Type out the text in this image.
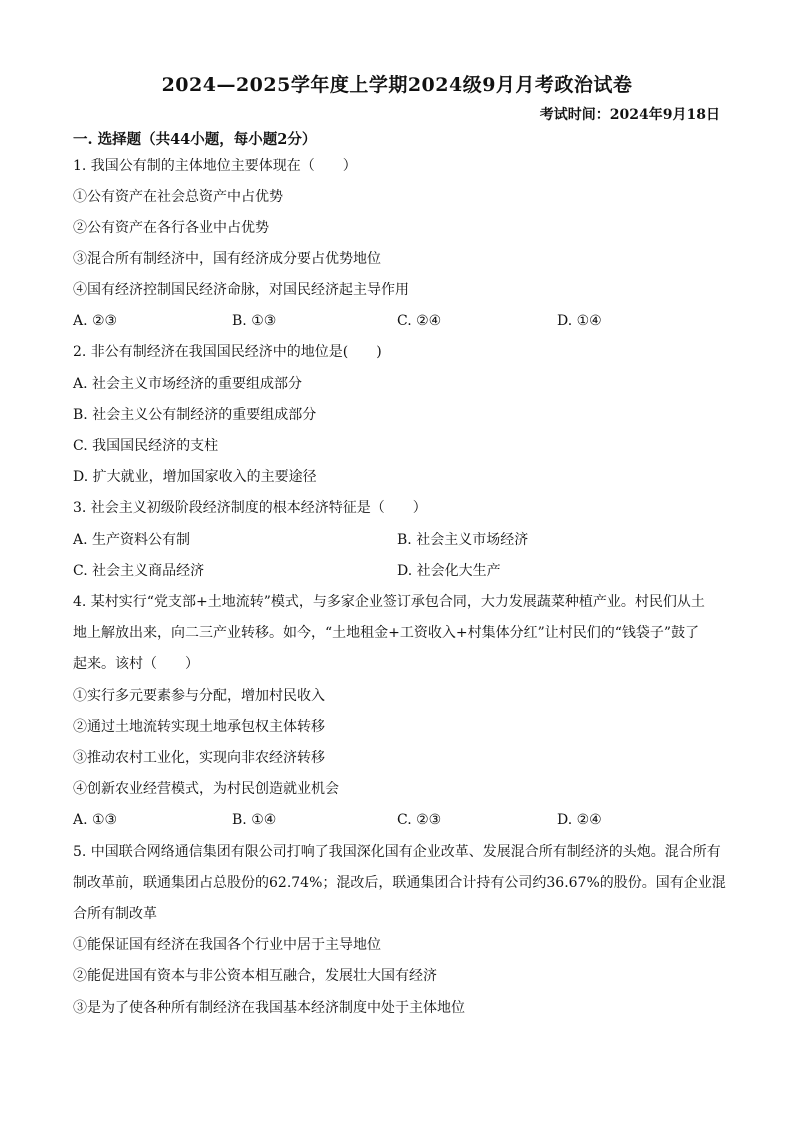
2024—2025学年度上学期2024级9月月考政治试卷
考试时间：2024年9月18日
一. 选择题（共44小题，每小题2分）
1. 我国公有制的主体地位主要体现在（　　）
①公有资产在社会总资产中占优势
②公有资产在各行各业中占优势
③混合所有制经济中，国有经济成分要占优势地位
④国有经济控制国民经济命脉，对国民经济起主导作用
A. ②③	B. ①③	C. ②④	D. ①④
2. 非公有制经济在我国国民经济中的地位是(　　)
A. 社会主义市场经济的重要组成部分
B. 社会主义公有制经济的重要组成部分
C. 我国国民经济的支柱
D. 扩大就业，增加国家收入的主要途径
3. 社会主义初级阶段经济制度的根本经济特征是（　　）
A. 生产资料公有制	B. 社会主义市场经济
C. 社会主义商品经济	D. 社会化大生产
4. 某村实行“党支部+土地流转”模式，与多家企业签订承包合同，大力发展蔬菜种植产业。村民们从土
地上解放出来，向二三产业转移。如今，“土地租金+工资收入+村集体分红”让村民们的“钱袋子”鼓了
起来。该村（　　）
①实行多元要素参与分配，增加村民收入
②通过土地流转实现土地承包权主体转移
③推动农村工业化，实现向非农经济转移
④创新农业经营模式，为村民创造就业机会
A. ①③	B. ①④	C. ②③	D. ②④
5. 中国联合网络通信集团有限公司打响了我国深化国有企业改革、发展混合所有制经济的头炮。混合所有
制改革前，联通集团占总股份的62.74%；混改后，联通集团合计持有公司约36.67%的股份。国有企业混
合所有制改革
①能保证国有经济在我国各个行业中居于主导地位
②能促进国有资本与非公资本相互融合，发展壮大国有经济
③是为了使各种所有制经济在我国基本经济制度中处于主体地位
